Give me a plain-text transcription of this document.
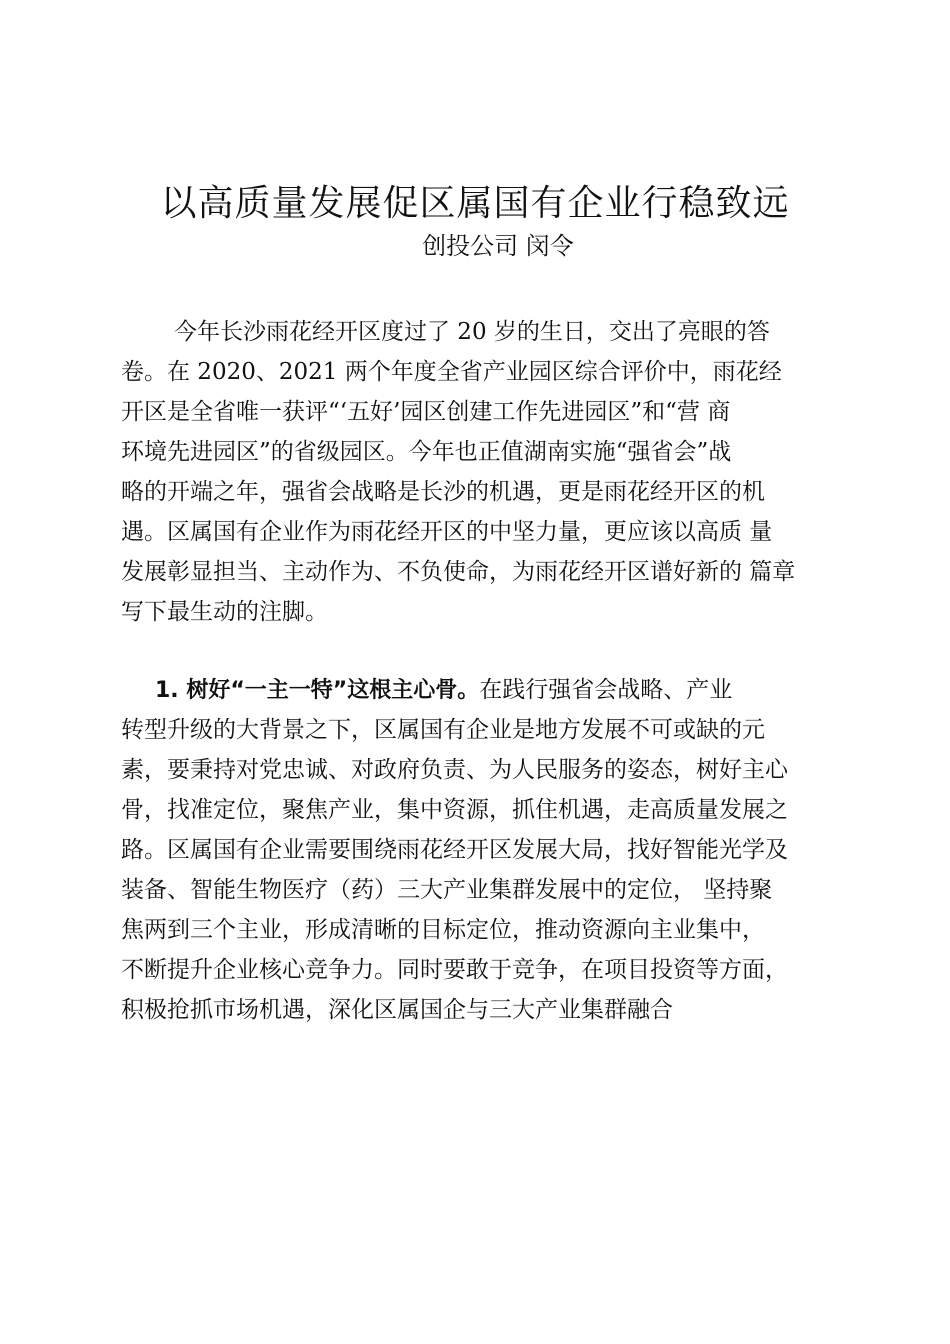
以高质量发展促区属国有企业行稳致远
创投公司 闵令
今年长沙雨花经开区度过了 20 岁的生日，交出了亮眼的答
卷。在 2020、2021 两个年度全省产业园区综合评价中，雨花经
开区是全省唯一获评“‘五好’园区创建工作先进园区”和“营 商
环境先进园区”的省级园区。今年也正值湖南实施“强省会”战
略的开端之年，强省会战略是长沙的机遇，更是雨花经开区的机
遇。区属国有企业作为雨花经开区的中坚力量，更应该以高质 量
发展彰显担当、主动作为、不负使命，为雨花经开区谱好新的 篇章
写下最生动的注脚。
1. 树好“一主一特”这根主心骨。在践行强省会战略、产业
转型升级的大背景之下，区属国有企业是地方发展不可或缺的元
素，要秉持对党忠诚、对政府负责、为人民服务的姿态，树好主心
骨，找准定位，聚焦产业，集中资源，抓住机遇，走高质量发展之
路。区属国有企业需要围绕雨花经开区发展大局，找好智能光学及
装备、智能生物医疗（药）三大产业集群发展中的定位， 坚持聚
焦两到三个主业，形成清晰的目标定位，推动资源向主业集中，
不断提升企业核心竞争力。同时要敢于竞争，在项目投资等方面，
积极抢抓市场机遇，深化区属国企与三大产业集群融合
